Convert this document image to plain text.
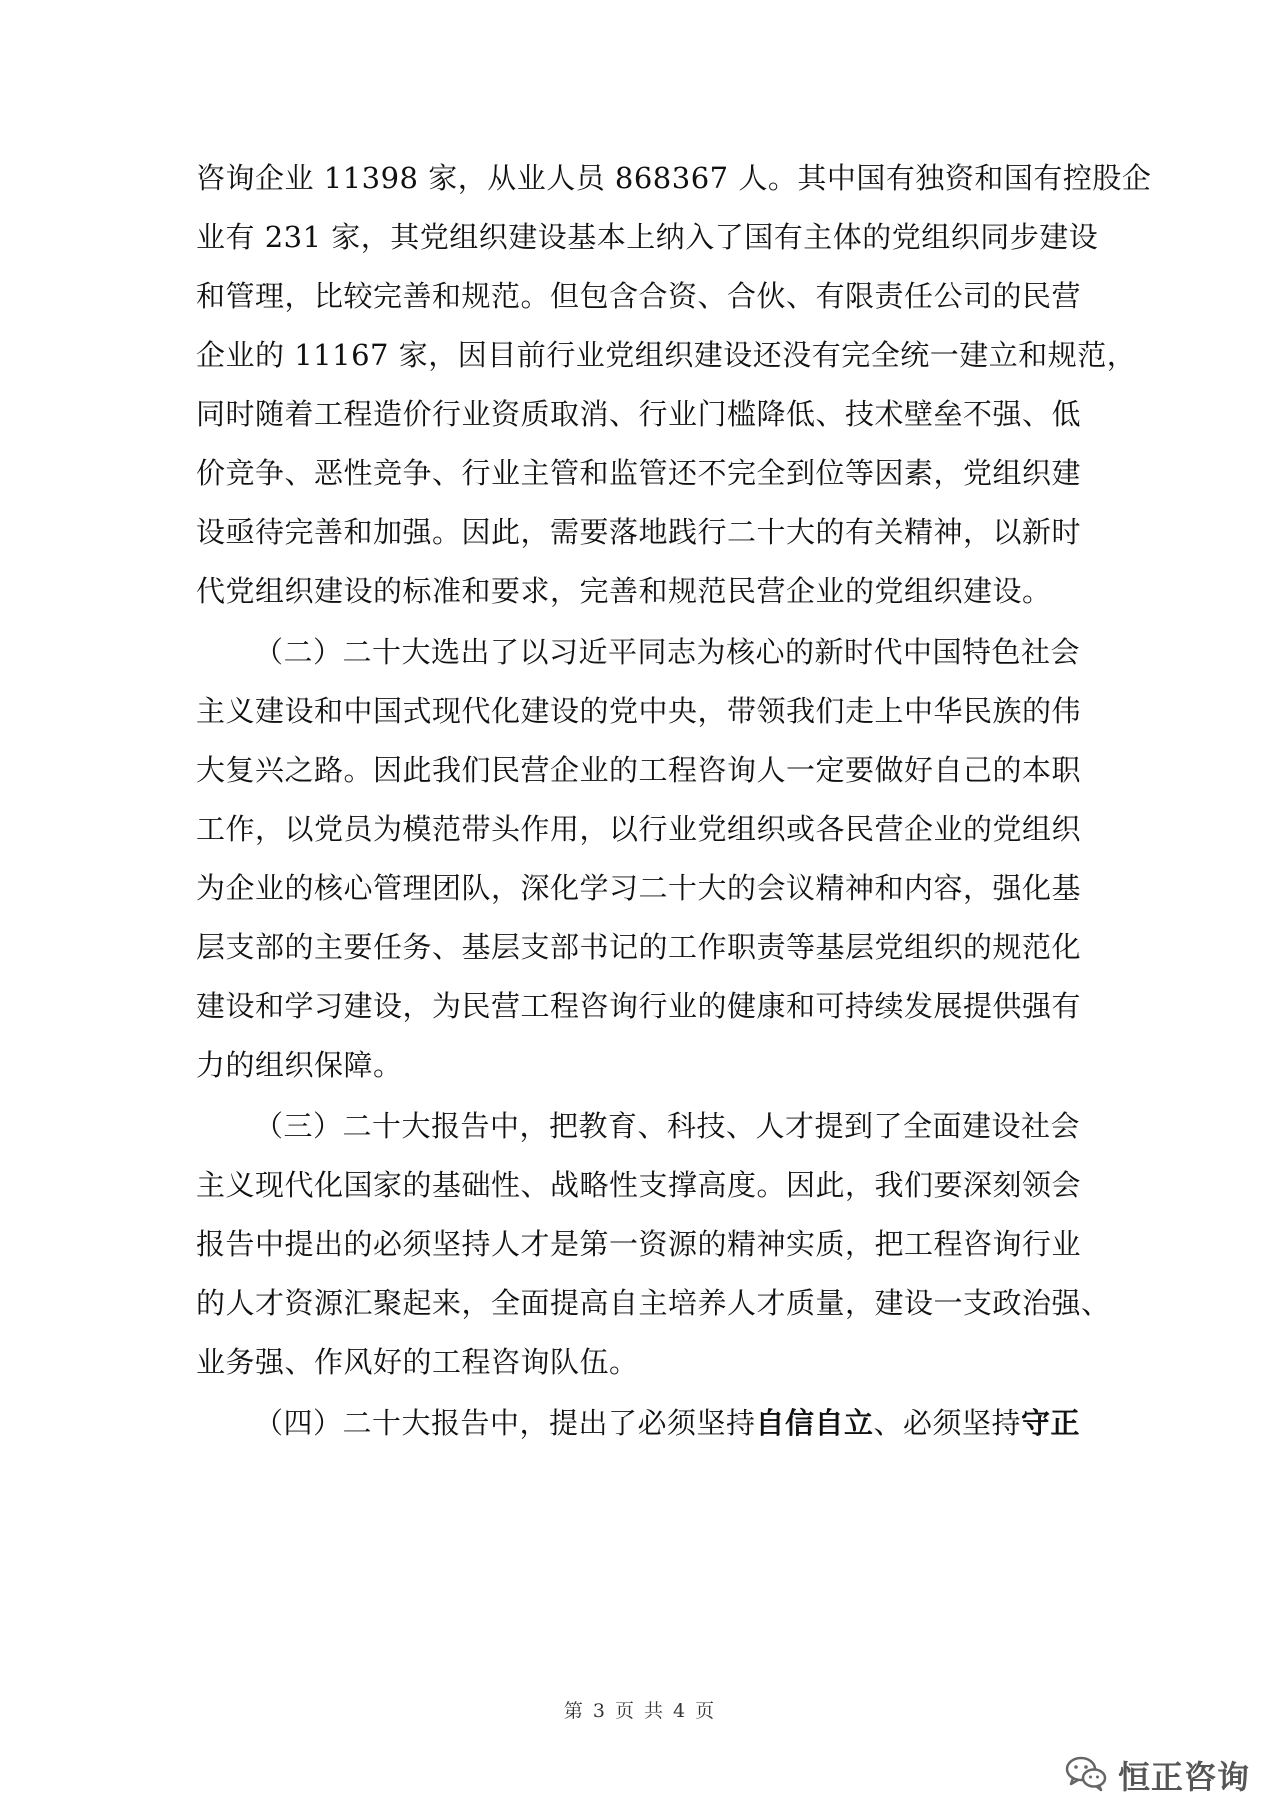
咨询企业 11398 家，从业人员 868367 人。其中国有独资和国有控股企
业有 231 家，其党组织建设基本上纳入了国有主体的党组织同步建设
和管理，比较完善和规范。但包含合资、合伙、有限责任公司的民营
企业的 11167 家，因目前行业党组织建设还没有完全统一建立和规范，
同时随着工程造价行业资质取消、行业门槛降低、技术壁垒不强、低
价竞争、恶性竞争、行业主管和监管还不完全到位等因素，党组织建
设亟待完善和加强。因此，需要落地践行二十大的有关精神，以新时
代党组织建设的标准和要求，完善和规范民营企业的党组织建设。
（二）二十大选出了以习近平同志为核心的新时代中国特色社会
主义建设和中国式现代化建设的党中央，带领我们走上中华民族的伟
大复兴之路。因此我们民营企业的工程咨询人一定要做好自己的本职
工作，以党员为模范带头作用，以行业党组织或各民营企业的党组织
为企业的核心管理团队，深化学习二十大的会议精神和内容，强化基
层支部的主要任务、基层支部书记的工作职责等基层党组织的规范化
建设和学习建设，为民营工程咨询行业的健康和可持续发展提供强有
力的组织保障。
（三）二十大报告中，把教育、科技、人才提到了全面建设社会
主义现代化国家的基础性、战略性支撑高度。因此，我们要深刻领会
报告中提出的必须坚持人才是第一资源的精神实质，把工程咨询行业
的人才资源汇聚起来，全面提高自主培养人才质量，建设一支政治强、
业务强、作风好的工程咨询队伍。
（四）二十大报告中，提出了必须坚持自信自立、必须坚持守正
第 3 页 共 4 页
恒正咨询
